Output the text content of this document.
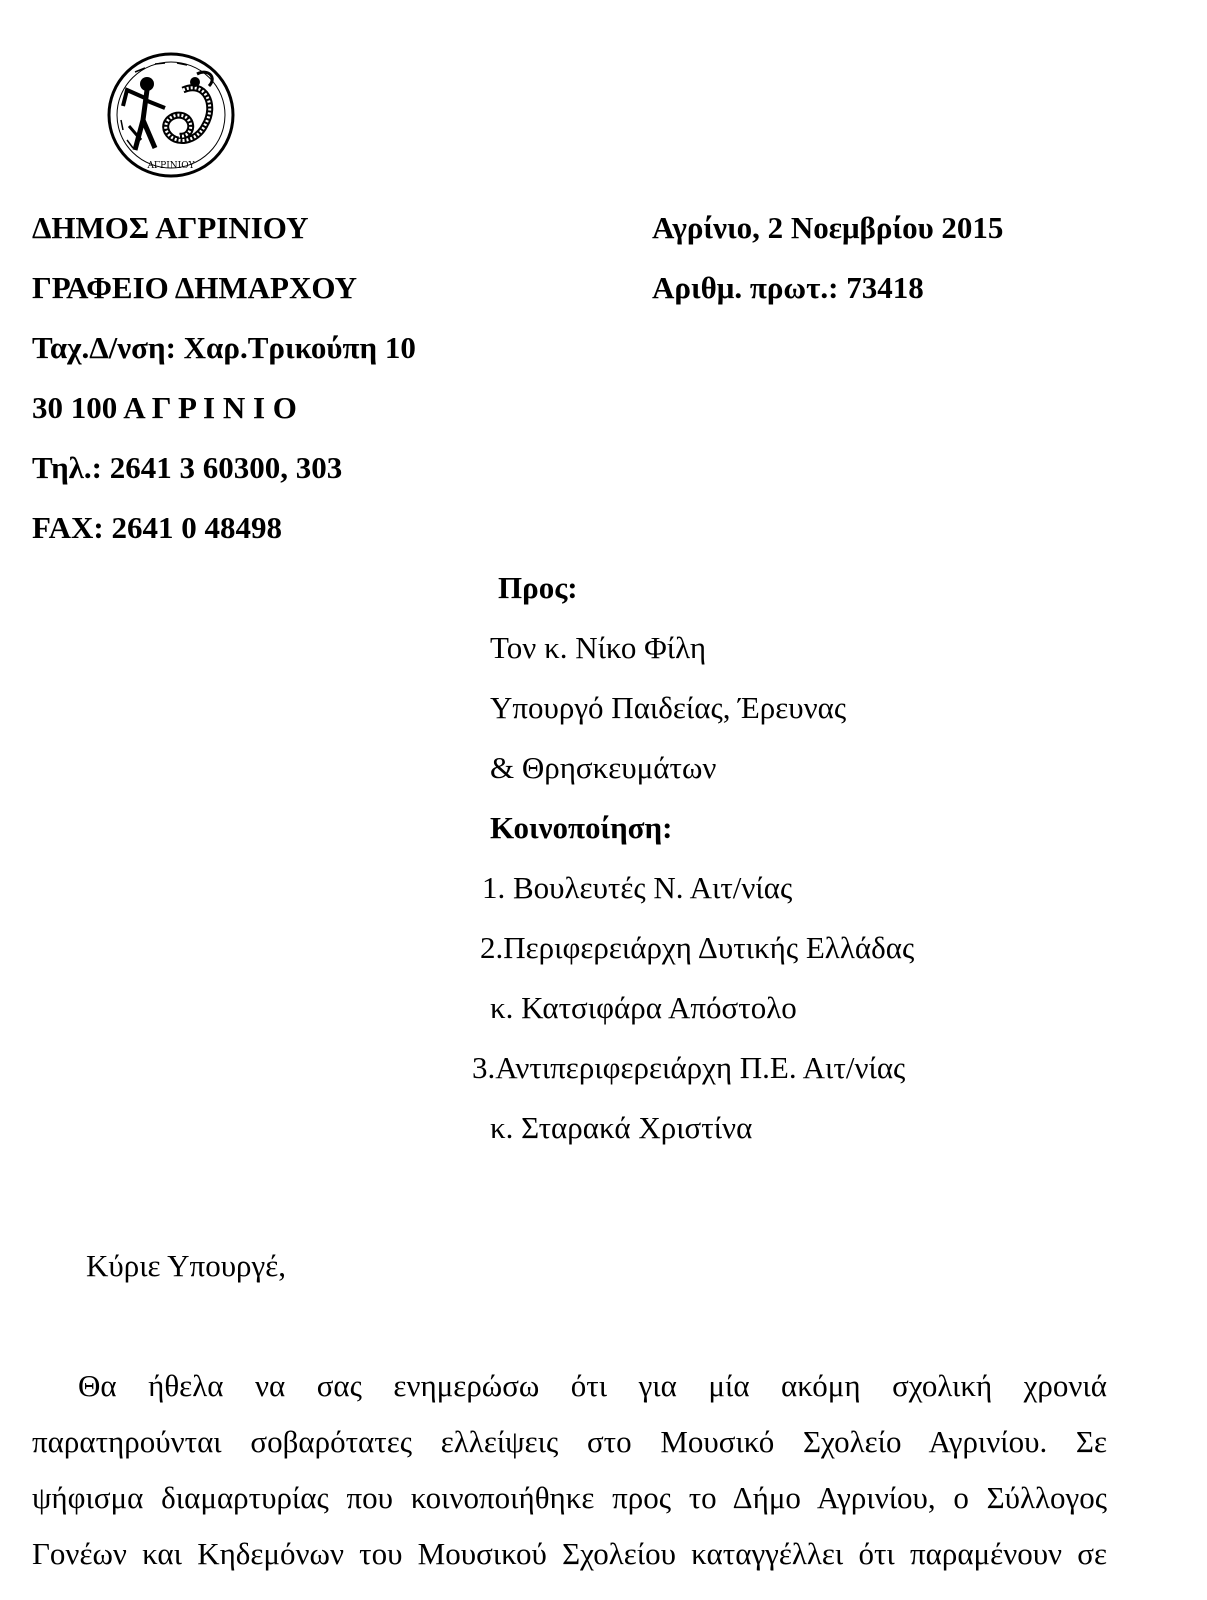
ΑΓΡΙΝΙΟΥ
ΔΗΜΟΣ ΑΓΡΙΝΙΟΥ
ΓΡΑΦΕΙΟ ΔΗΜΑΡΧΟΥ
Ταχ.Δ/νση: Χαρ.Τρικούπη 10
30 100 Α Γ Ρ Ι Ν Ι Ο
Τηλ.: 2641 3 60300, 303
FAX: 2641 0 48498
Αγρίνιο, 2 Νοεμβρίου 2015
Αριθμ. πρωτ.: 73418
Προς:
Τον κ. Νίκο Φίλη
Υπουργό Παιδείας, Έρευνας
& Θρησκευμάτων
Κοινοποίηση:
1. Βουλευτές Ν. Αιτ/νίας
2.Περιφερειάρχη Δυτικής Ελλάδας
κ. Κατσιφάρα Απόστολο
3.Αντιπεριφερειάρχη Π.Ε. Αιτ/νίας
κ. Σταρακά Χριστίνα
Κύριε Υπουργέ,
Θα ήθελα να σας ενημερώσω ότι για μία ακόμη σχολική χρονιά
παρατηρούνται σοβαρότατες ελλείψεις στο Μουσικό Σχολείο Αγρινίου. Σε
ψήφισμα διαμαρτυρίας που κοινοποιήθηκε προς το Δήμο Αγρινίου, ο Σύλλογος
Γονέων και Κηδεμόνων του Μουσικού Σχολείου καταγγέλλει ότι παραμένουν σε
